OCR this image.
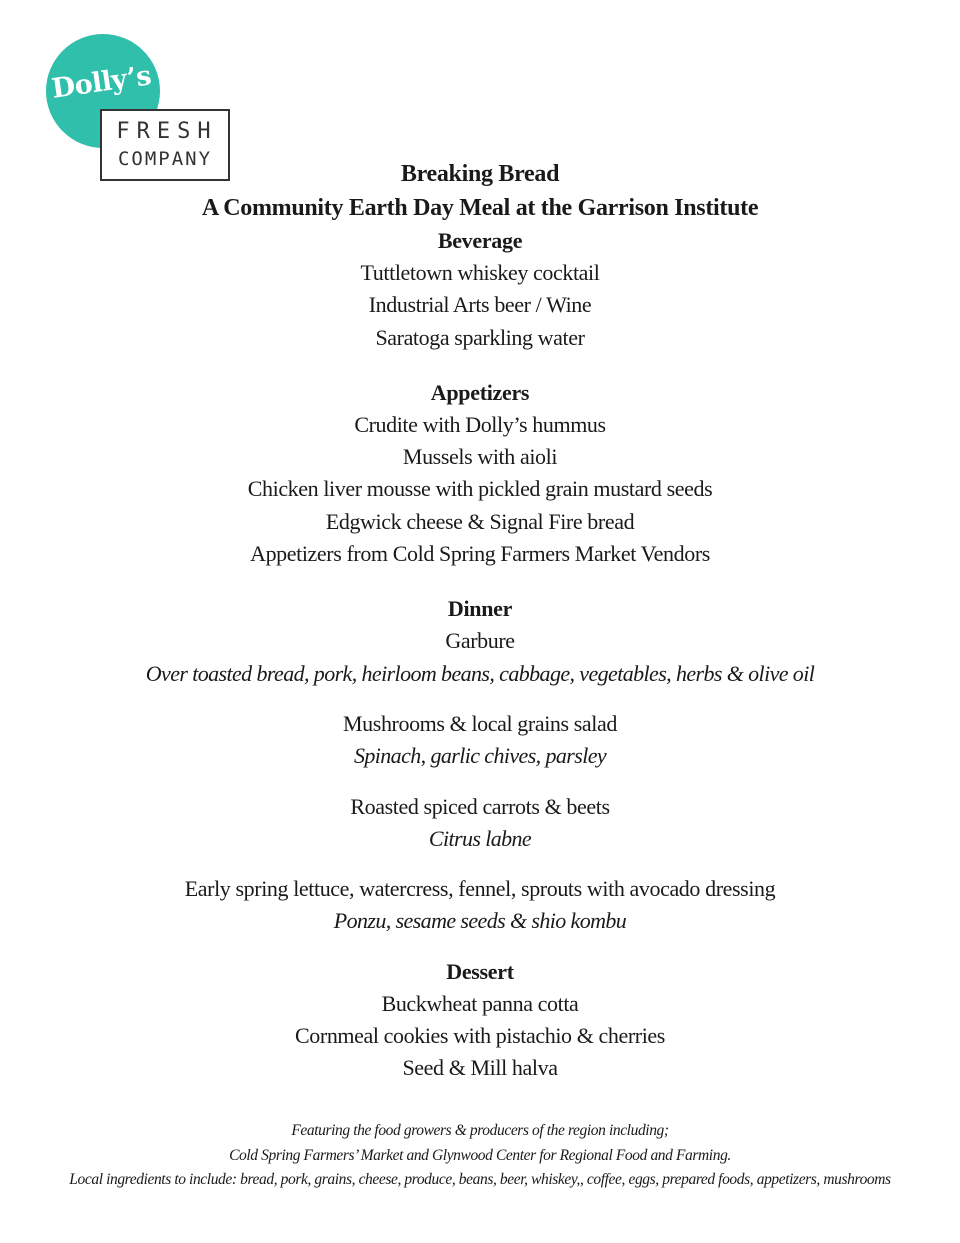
Dolly’s
FRESH
COMPANY

Breaking Bread

A Community Earth Day Meal at the Garrison Institute

Beverage

Tuttletown whiskey cocktail

Industrial Arts beer / Wine

Saratoga sparkling water

Appetizers

Crudite with Dolly’s hummus

Mussels with aioli

Chicken liver mousse with pickled grain mustard seeds

Edgwick cheese & Signal Fire bread

Appetizers from Cold Spring Farmers Market Vendors

Dinner

Garbure

Over toasted bread, pork, heirloom beans, cabbage, vegetables, herbs & olive oil

Mushrooms & local grains salad

Spinach, garlic chives, parsley

Roasted spiced carrots & beets

Citrus labne

Early spring lettuce, watercress, fennel, sprouts with avocado dressing

Ponzu, sesame seeds & shio kombu

Dessert

Buckwheat panna cotta

Cornmeal cookies with pistachio & cherries

Seed & Mill halva

Featuring the food growers & producers of the region including;

Cold Spring Farmers’ Market and Glynwood Center for Regional Food and Farming.

Local ingredients to include: bread, pork, grains, cheese, produce, beans, beer, whiskey,, coffee, eggs, prepared foods, appetizers, mushrooms
